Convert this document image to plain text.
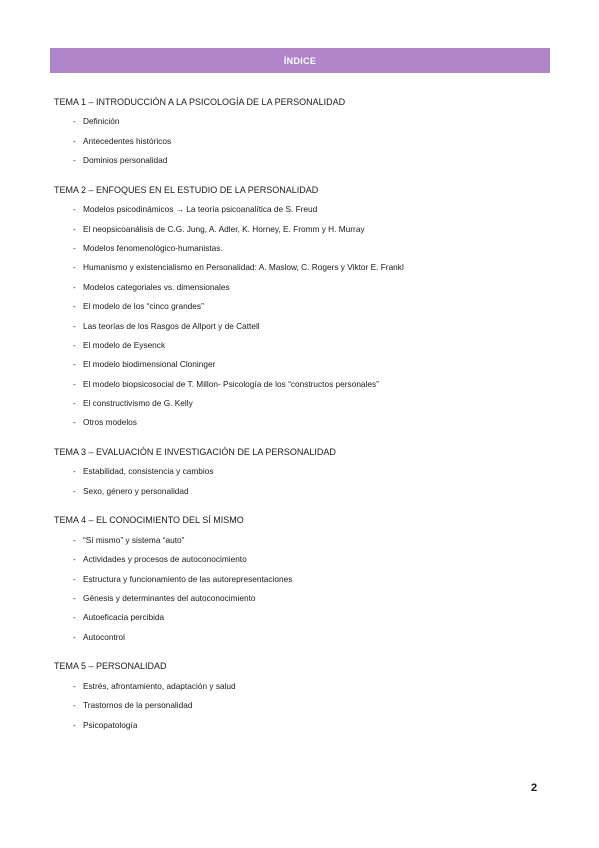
ÍNDICE
TEMA 1 – INTRODUCCIÓN A LA PSICOLOGÍA DE LA PERSONALIDAD
- Definición
- Antecedentes históricos
- Dominios personalidad
TEMA 2 – ENFOQUES EN EL ESTUDIO DE LA PERSONALIDAD
- Modelos psicodinámicos → La teoría psicoanalítica de S. Freud
- El neopsicoanálisis de C.G. Jung, A. Adler, K. Horney, E. Fromm y H. Murray
- Modelos fenomenológico-humanistas.
- Humanismo y existencialismo en Personalidad: A. Maslow, C. Rogers y Viktor E. Frankl
- Modelos categoriales vs. dimensionales
- El modelo de los “cinco grandes”
- Las teorías de los Rasgos de Allport y de Cattell
- El modelo de Eysenck
- El modelo biodimensional Cloninger
- El modelo biopsicosocial de T. Millon- Psicología de los “constructos personales”
- El constructivismo de G. Kelly
- Otros modelos
TEMA 3 – EVALUACIÓN E INVESTIGACIÓN DE LA PERSONALIDAD
- Estabilidad, consistencia y cambios
- Sexo, género y personalidad
TEMA 4 – EL CONOCIMIENTO DEL SÍ MISMO
- “Sí mismo” y sistema “auto”
- Actividades y procesos de autoconocimiento
- Estructura y funcionamiento de las autorepresentaciones
- Génesis y determinantes del autoconocimiento
- Autoeficacia percibida
- Autocontrol
TEMA 5 – PERSONALIDAD
- Estrés, afrontamiento, adaptación y salud
- Trastornos de la personalidad
- Psicopatología
2
